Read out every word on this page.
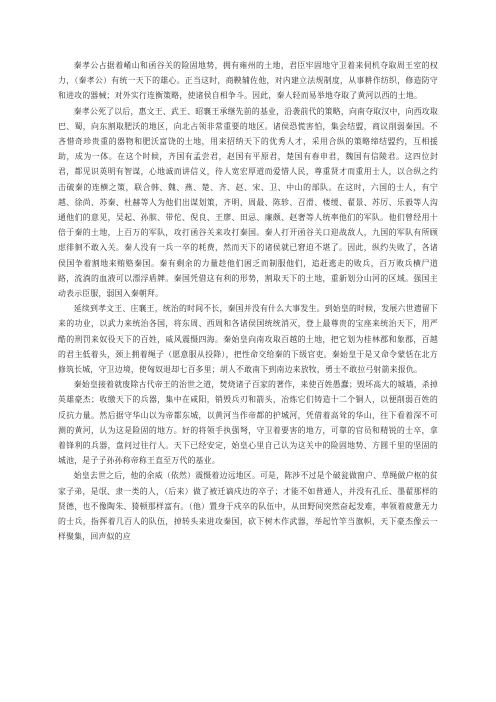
秦孝公占据着崤山和函谷关的险固地势，拥有雍州的土地，君臣牢固地守卫着来伺机夺取周王室的权力，（秦孝公）有统一天下的雄心。正当这时，商鞅辅佐他，对内建立法规制度，从事耕作纺织，修造防守和进攻的器械；对外实行连衡策略，使诸侯自相争斗。因此，秦人轻而易举地夺取了黄河以西的土地。

秦孝公死了以后，惠文王、武王、昭襄王承继先前的基业，沿袭前代的策略，向南夺取汉中，向西攻取巴、蜀，向东割取肥沃的地区，向北占领非常重要的地区。诸侯恐慌害怕，集会结盟，商议削弱秦国。不吝惜奇珍贵重的器物和肥沃富饶的土地，用来招纳天下的优秀人才，采用合纵的策略缔结盟约，互相援助，成为一体。在这个时候，齐国有孟尝君，赵国有平原君，楚国有春申君，魏国有信陵君。这四位封君，都见识英明有智谋，心地诚而讲信义，待人宽宏厚道而爱惜人民，尊重贤才而重用士人，以合纵之约击破秦的连横之策，联合韩、魏、燕、楚、齐、赵、宋、卫、中山的部队。在这时，六国的士人，有宁越、徐尚、苏秦、杜赫等人为他们出谋划策，齐明、周最、陈轸、召滑、楼缓、翟景、苏厉、乐毅等人沟通他们的意见，吴起、孙膑、带佗、倪良、王廖、田忌、廉颇、赵奢等人统率他们的军队。他们曾经用十倍于秦的土地，上百万的军队，攻打函谷关来攻打秦国。秦人打开函谷关口迎战敌人，九国的军队有所顾虑徘徊不敢入关。秦人没有一兵一卒的耗费，然而天下的诸侯就已窘迫不堪了。因此，纵约失败了，各诸侯国争着割地来贿赂秦国。秦有剩余的力量趁他们困乏而制服他们，追赶逃走的败兵，百万败兵横尸道路，流淌的血液可以漂浮盾牌。秦国凭借这有利的形势，割取天下的土地，重新划分山河的区域。强国主动表示臣服，弱国入秦朝拜。

延续到孝文王、庄襄王，统治的时间不长，秦国并没有什么大事发生。到始皇的时候，发展六世遗留下来的功业，以武力来统治各国，将东周、西周和各诸侯国统统消灭，登上最尊贵的宝座来统治天下，用严酷的刑罚来奴役天下的百姓，威风震慑四海。秦始皇向南攻取百越的土地，把它划为桂林郡和象郡，百越的君主低着头，颈上拥着绳子（愿意服从投降），把性命交给秦的下级官吏。秦始皇于是又命令蒙恬在北方修筑长城，守卫边境，使匈奴退却七百多里；胡人不敢南下到南边来放牧，勇士不敢拉弓射箭来报仇。

秦始皇接着就废除古代帝王的治世之道，焚烧诸子百家的著作，来使百姓愚蠢；毁坏高大的城墙，杀掉英雄豪杰；收缴天下的兵器，集中在咸阳，销毁兵刃和箭头，冶炼它们铸造十二个铜人，以便削弱百姓的反抗力量。然后据守华山以为帝都东城，以黄河当作帝都的护城河，凭借着高耸的华山，往下看着深不可测的黄河，认为这是险固的地方。好的将领手执强弩，守卫着要害的地方，可靠的官员和精锐的士卒，拿着锋利的兵器，盘问过往行人。天下已经安定，始皇心里自己认为这关中的险固地势、方圆千里的坚固的城池，是子子孙孙称帝称王直至万代的基业。

始皇去世之后，他的余威（依然）震慑着边远地区。可是，陈涉不过是个破瓮做窗户、草绳做户枢的贫家子弟，是氓、隶一类的人，（后来）做了被迁谪戍边的卒子；才能不如普通人，并没有孔丘、墨翟那样的贤德，也不像陶朱、猗顿那样富有。（他）置身于戍卒的队伍中，从田野间突然奋起发难，率领着疲惫无力的士兵，指挥着几百人的队伍，掉转头来进攻秦国，砍下树木作武器，举起竹竿当旗帜，天下豪杰像云一样聚集，回声似的应
